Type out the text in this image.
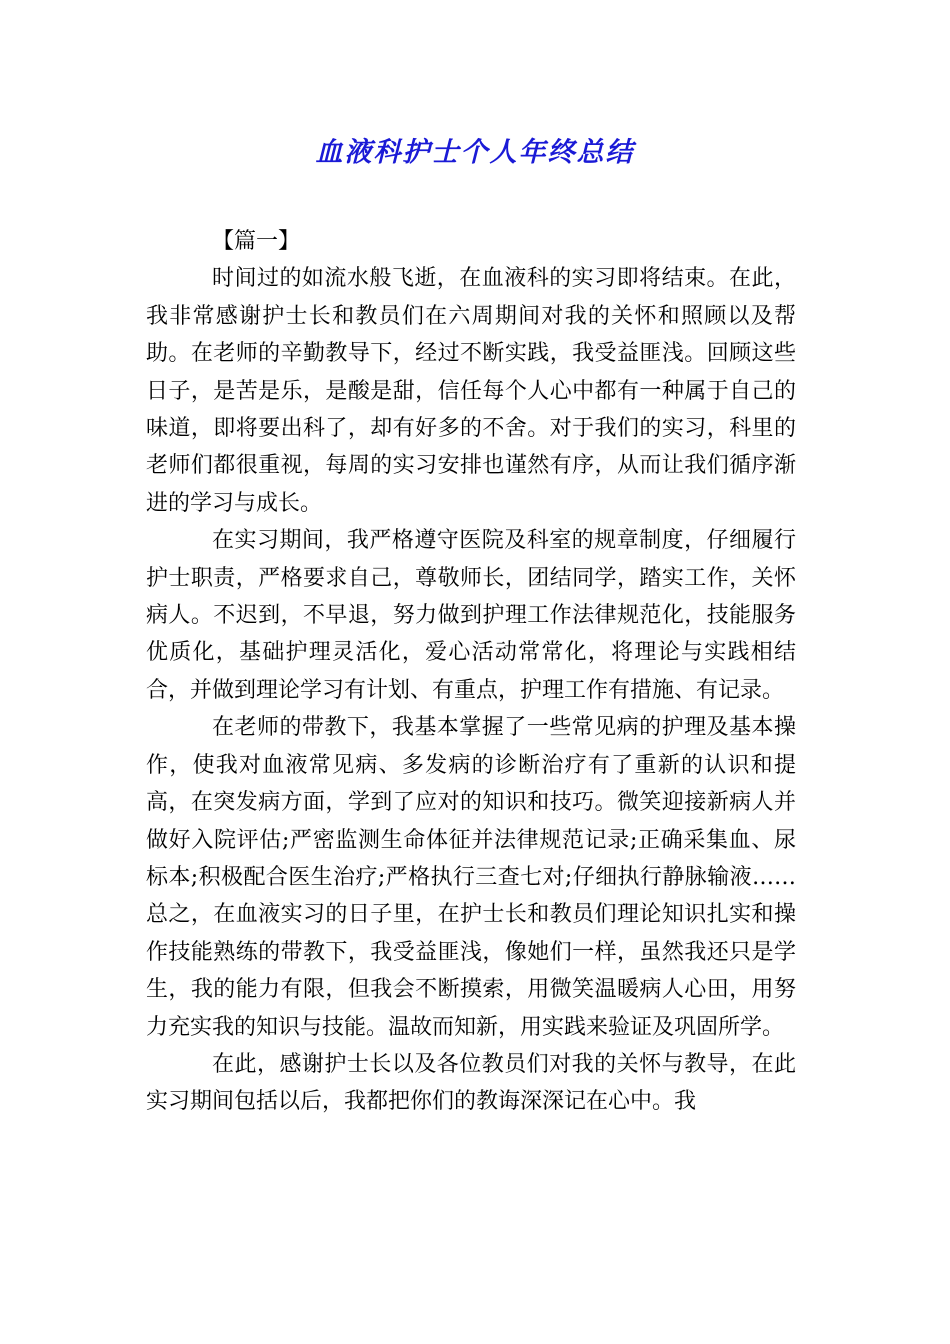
血液科护士个人年终总结

【篇一】

时间过的如流水般飞逝，在血液科的实习即将结束。在此，我非常感谢护士长和教员们在六周期间对我的关怀和照顾以及帮助。在老师的辛勤教导下，经过不断实践，我受益匪浅。回顾这些日子，是苦是乐，是酸是甜，信任每个人心中都有一种属于自己的味道，即将要出科了，却有好多的不舍。对于我们的实习，科里的老师们都很重视，每周的实习安排也谨然有序，从而让我们循序渐进的学习与成长。

在实习期间，我严格遵守医院及科室的规章制度，仔细履行护士职责，严格要求自己，尊敬师长，团结同学，踏实工作，关怀病人。不迟到，不早退，努力做到护理工作法律规范化，技能服务优质化，基础护理灵活化，爱心活动常常化，将理论与实践相结合，并做到理论学习有计划、有重点，护理工作有措施、有记录。

在老师的带教下，我基本掌握了一些常见病的护理及基本操作，使我对血液常见病、多发病的诊断治疗有了重新的认识和提高，在突发病方面，学到了应对的知识和技巧。微笑迎接新病人并做好入院评估;严密监测生命体征并法律规范记录;正确采集血、尿标本;积极配合医生治疗;严格执行三查七对;仔细执行静脉输液……总之，在血液实习的日子里，在护士长和教员们理论知识扎实和操作技能熟练的带教下，我受益匪浅，像她们一样，虽然我还只是学生，我的能力有限，但我会不断摸索，用微笑温暖病人心田，用努力充实我的知识与技能。温故而知新，用实践来验证及巩固所学。

在此，感谢护士长以及各位教员们对我的关怀与教导，在此实习期间包括以后，我都把你们的教诲深深记在心中。我
